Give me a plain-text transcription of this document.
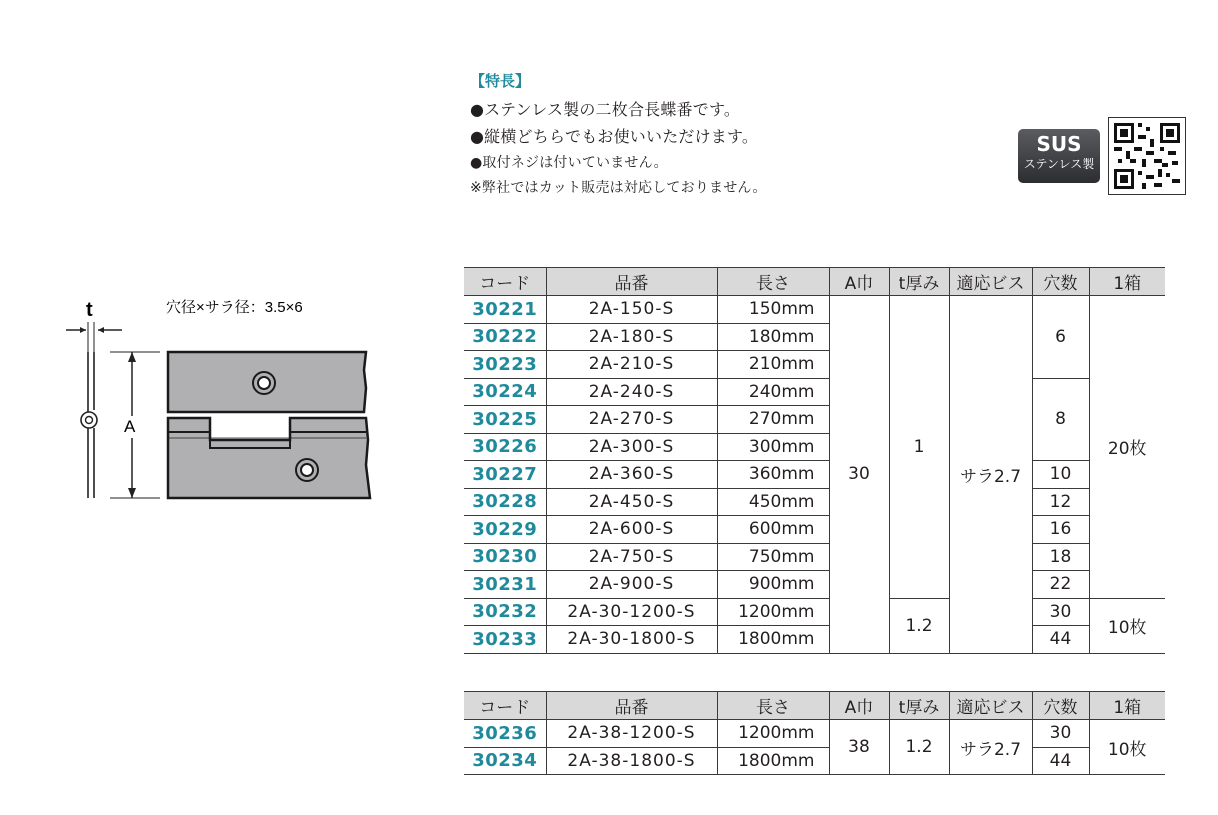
【特長】
●ステンレス製の二枚合長蝶番です。
●縦横どちらでもお使いいただけます。
●取付ネジは付いていません。
※弊社ではカット販売は対応しておりません。
SUS
ステンレス製
t
A
穴径×サラ径：3.5×6
コード	品番	長さ	A巾	t厚み	適応ビス	穴数	1箱
30221	2A-150-S	150mm	30	1	サラ2.7	6	20枚
30222	2A-180-S	180mm					
30223	2A-210-S	210mm					
30224	2A-240-S	240mm				8	
30225	2A-270-S	270mm					
30226	2A-300-S	300mm					
30227	2A-360-S	360mm				10	
30228	2A-450-S	450mm				12	
30229	2A-600-S	600mm				16	
30230	2A-750-S	750mm				18	
30231	2A-900-S	900mm				22	
30232	2A-30-1200-S	1200mm		1.2		30	10枚
30233	2A-30-1800-S	1800mm				44	
コード	品番	長さ	A巾	t厚み	適応ビス	穴数	1箱
30236	2A-38-1200-S	1200mm	38	1.2	サラ2.7	30	10枚
30234	2A-38-1800-S	1800mm				44	
